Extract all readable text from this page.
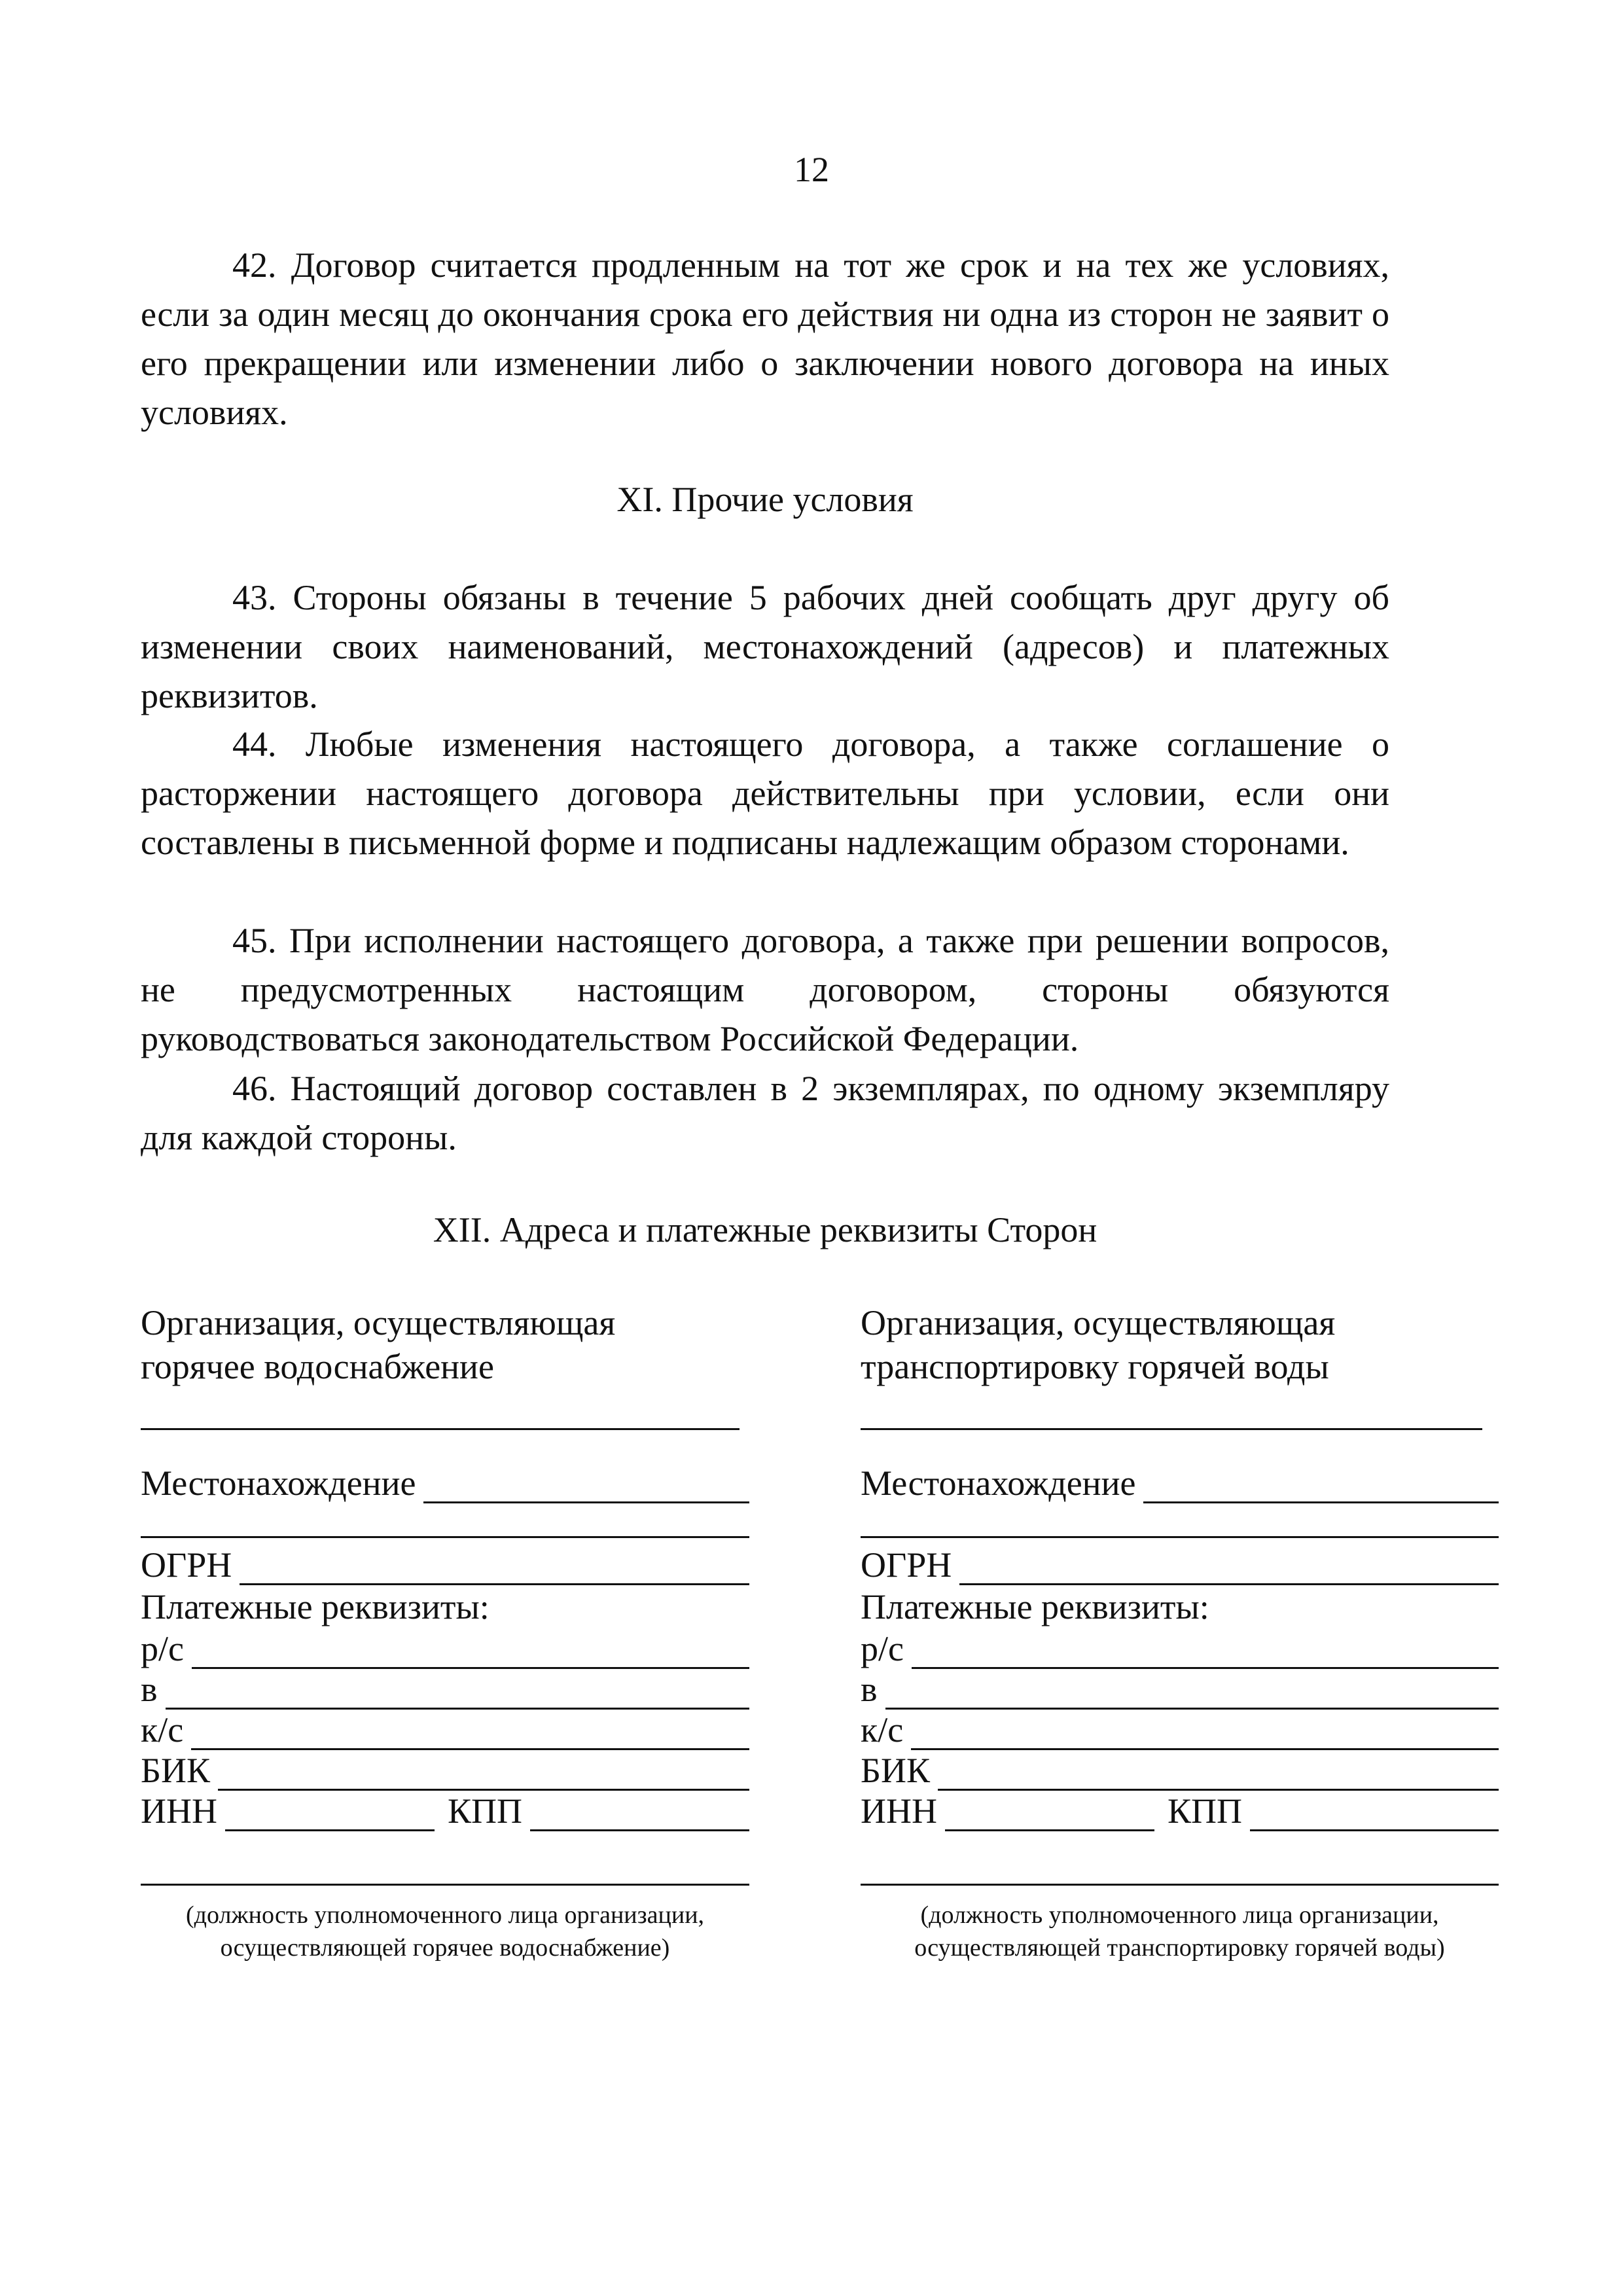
12

42. Договор считается продленным на тот же срок и на тех же условиях, если за один месяц до окончания срока его действия ни одна из сторон не заявит о его прекращении или изменении либо о заключении нового договора на иных условиях.

XI. Прочие условия

43. Стороны обязаны в течение 5 рабочих дней сообщать друг другу об изменении своих наименований, местонахождений (адресов) и платежных реквизитов.

44. Любые изменения настоящего договора, а также соглашение о расторжении настоящего договора действительны при условии, если они составлены в письменной форме и подписаны надлежащим образом сторонами.

45. При исполнении настоящего договора, а также при решении вопросов, не предусмотренных настоящим договором, стороны обязуются руководствоваться законодательством Российской Федерации.

46. Настоящий договор составлен в 2 экземплярах, по одному экземпляру для каждой стороны.

XII. Адреса и платежные реквизиты Сторон
Организация, осуществляющая
горячее водоснабжение
Местонахождение
ОГРН
Платежные реквизиты:
р/с
в
к/с
БИК
ИНН	КПП
(должность уполномоченного лица организации,
осуществляющей горячее водоснабжение)
Организация, осуществляющая
транспортировку горячей воды
Местонахождение
ОГРН
Платежные реквизиты:
р/с
в
к/с
БИК
ИНН	КПП
(должность уполномоченного лица организации,
осуществляющей транспортировку горячей воды)
